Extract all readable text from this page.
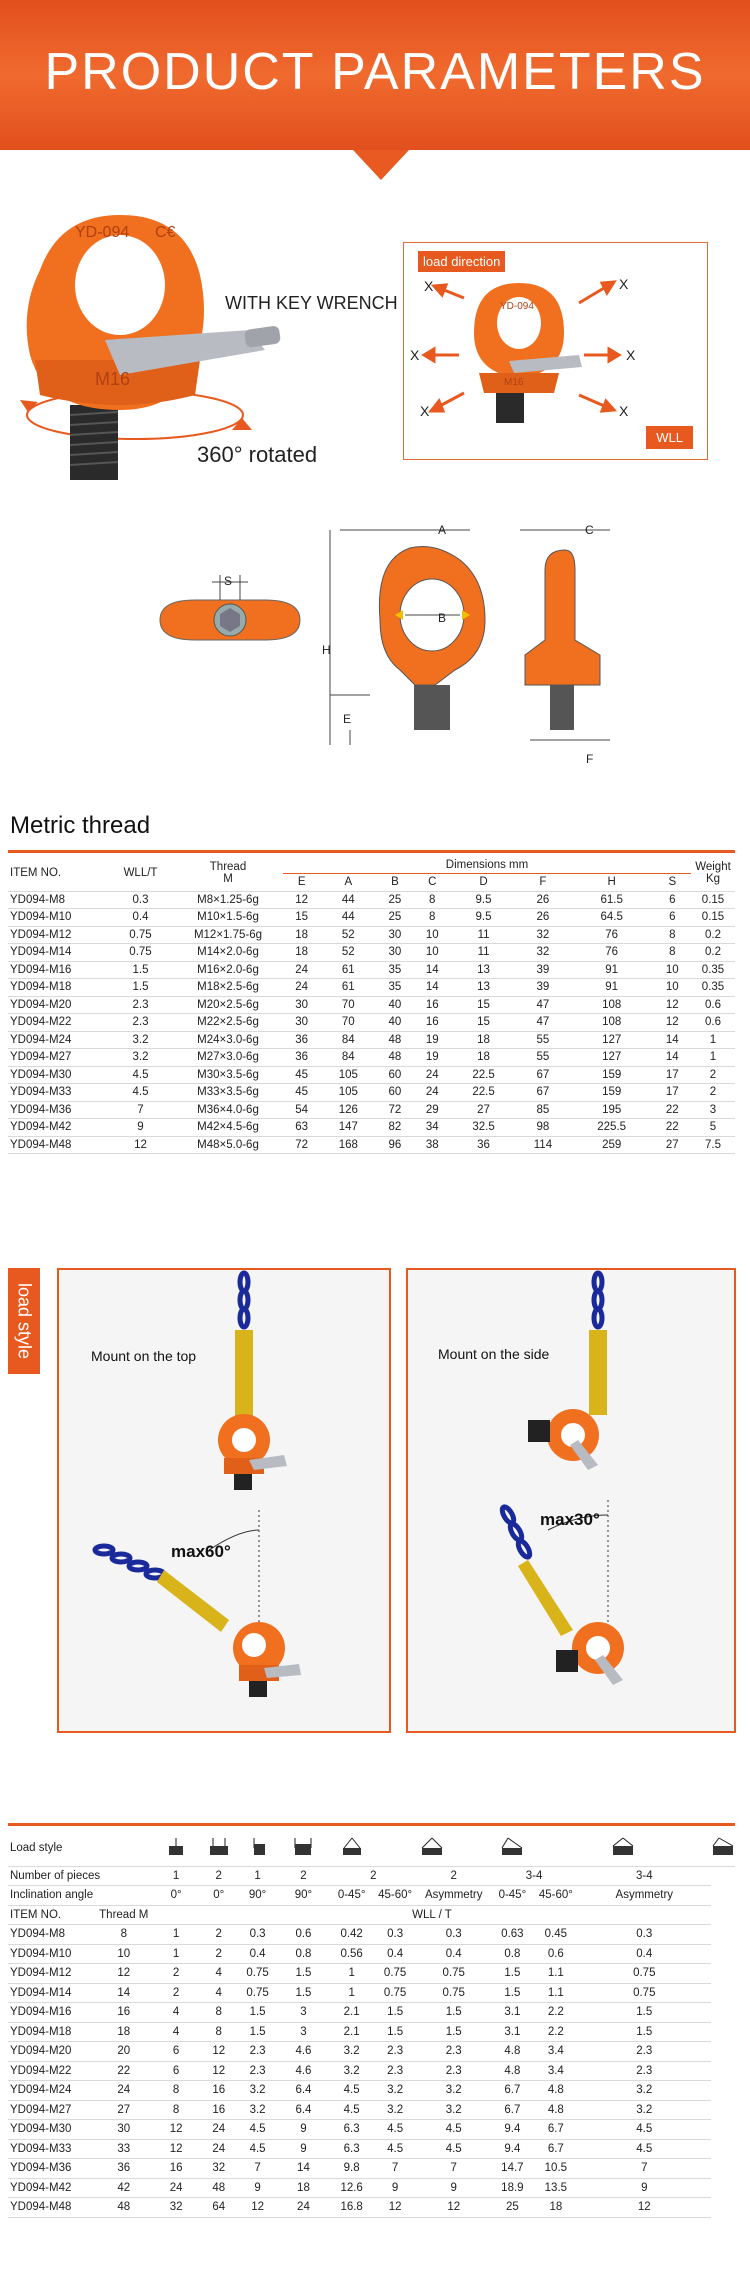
PRODUCT PARAMETERS
YD-094 C€
M16
WITH KEY WRENCH
360° rotated
load direction
X	X
X	X
X	X
YD-094
M16
WLL
S
A
B
C
H
E
F
Metric thread
ITEM NO.	WLL/T	Thread
M	Dimensions mm								Weight
Kg
			E	A	B	C	D	F	H	S	
YD094-M8	0.3	M8×1.25-6g	12	44	25	8	9.5	26	61.5	6	0.15
YD094-M10	0.4	M10×1.5-6g	15	44	25	8	9.5	26	64.5	6	0.15
YD094-M12	0.75	M12×1.75-6g	18	52	30	10	11	32	76	8	0.2
YD094-M14	0.75	M14×2.0-6g	18	52	30	10	11	32	76	8	0.2
YD094-M16	1.5	M16×2.0-6g	24	61	35	14	13	39	91	10	0.35
YD094-M18	1.5	M18×2.5-6g	24	61	35	14	13	39	91	10	0.35
YD094-M20	2.3	M20×2.5-6g	30	70	40	16	15	47	108	12	0.6
YD094-M22	2.3	M22×2.5-6g	30	70	40	16	15	47	108	12	0.6
YD094-M24	3.2	M24×3.0-6g	36	84	48	19	18	55	127	14	1
YD094-M27	3.2	M27×3.0-6g	36	84	48	19	18	55	127	14	1
YD094-M30	4.5	M30×3.5-6g	45	105	60	24	22.5	67	159	17	2
YD094-M33	4.5	M33×3.5-6g	45	105	60	24	22.5	67	159	17	2
YD094-M36	7	M36×4.0-6g	54	126	72	29	27	85	195	22	3
YD094-M42	9	M42×4.5-6g	63	147	82	34	32.5	98	225.5	22	5
YD094-M48	12	M48×5.0-6g	72	168	96	38	36	114	259	27	7.5
load style	Mount on the top
max60°
Mount on the side
max30°
Load style									
Number of pieces		1	2	1	2	2		2	3-4		3-4	
Inclination angle		0°	0°	90°	90°	0-45°	45-60°	Asymmetry	0-45°	45-60°	Asymmetry	
ITEM NO.	Thread M	WLL / T										
YD094-M8	8	1	2	0.3	0.6	0.42	0.3	0.3	0.63	0.45	0.3	
YD094-M10	10	1	2	0.4	0.8	0.56	0.4	0.4	0.8	0.6	0.4	
YD094-M12	12	2	4	0.75	1.5	1	0.75	0.75	1.5	1.1	0.75	
YD094-M14	14	2	4	0.75	1.5	1	0.75	0.75	1.5	1.1	0.75	
YD094-M16	16	4	8	1.5	3	2.1	1.5	1.5	3.1	2.2	1.5	
YD094-M18	18	4	8	1.5	3	2.1	1.5	1.5	3.1	2.2	1.5	
YD094-M20	20	6	12	2.3	4.6	3.2	2.3	2.3	4.8	3.4	2.3	
YD094-M22	22	6	12	2.3	4.6	3.2	2.3	2.3	4.8	3.4	2.3	
YD094-M24	24	8	16	3.2	6.4	4.5	3.2	3.2	6.7	4.8	3.2	
YD094-M27	27	8	16	3.2	6.4	4.5	3.2	3.2	6.7	4.8	3.2	
YD094-M30	30	12	24	4.5	9	6.3	4.5	4.5	9.4	6.7	4.5	
YD094-M33	33	12	24	4.5	9	6.3	4.5	4.5	9.4	6.7	4.5	
YD094-M36	36	16	32	7	14	9.8	7	7	14.7	10.5	7	
YD094-M42	42	24	48	9	18	12.6	9	9	18.9	13.5	9	
YD094-M48	48	32	64	12	24	16.8	12	12	25	18	12	
